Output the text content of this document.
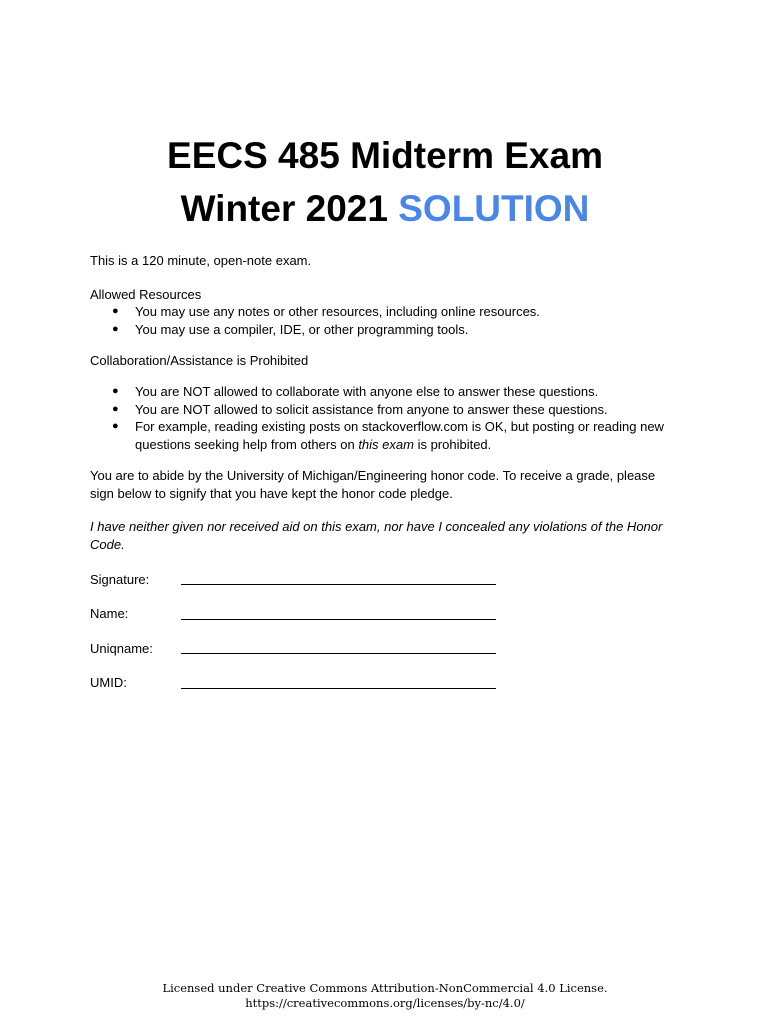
EECS 485 Midterm Exam
Winter 2021 SOLUTION
This is a 120 minute, open-note exam.
Allowed Resources
● You may use any notes or other resources, including online resources.
● You may use a compiler, IDE, or other programming tools.
Collaboration/Assistance is Prohibited
● You are NOT allowed to collaborate with anyone else to answer these questions.
● You are NOT allowed to solicit assistance from anyone to answer these questions.
● For example, reading existing posts on stackoverflow.com is OK, but posting or reading new questions seeking help from others on this exam is prohibited.
You are to abide by the University of Michigan/Engineering honor code. To receive a grade, please sign below to signify that you have kept the honor code pledge.
I have neither given nor received aid on this exam, nor have I concealed any violations of the Honor Code.
Signature:
Name:
Uniqname:
UMID:
Licensed under Creative Commons Attribution-NonCommercial 4.0 License.
https://creativecommons.org/licenses/by-nc/4.0/
